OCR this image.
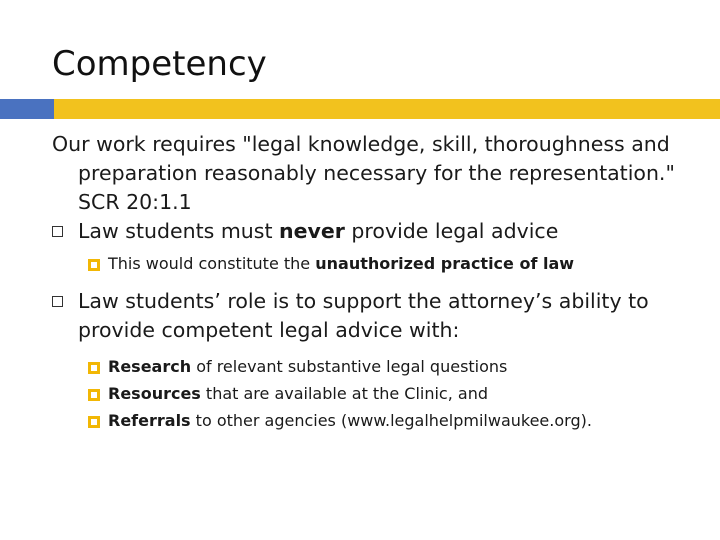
Competency

Our work requires "legal knowledge, skill, thoroughness and preparation reasonably necessary for the representation." SCR 20:1.1

Law students must never provide legal advice
This would constitute the unauthorized practice of law
Law students’ role is to support the attorney’s ability to provide competent legal advice with:
Research of relevant substantive legal questions
Resources that are available at the Clinic, and
Referrals to other agencies (www.legalhelpmilwaukee.org).
